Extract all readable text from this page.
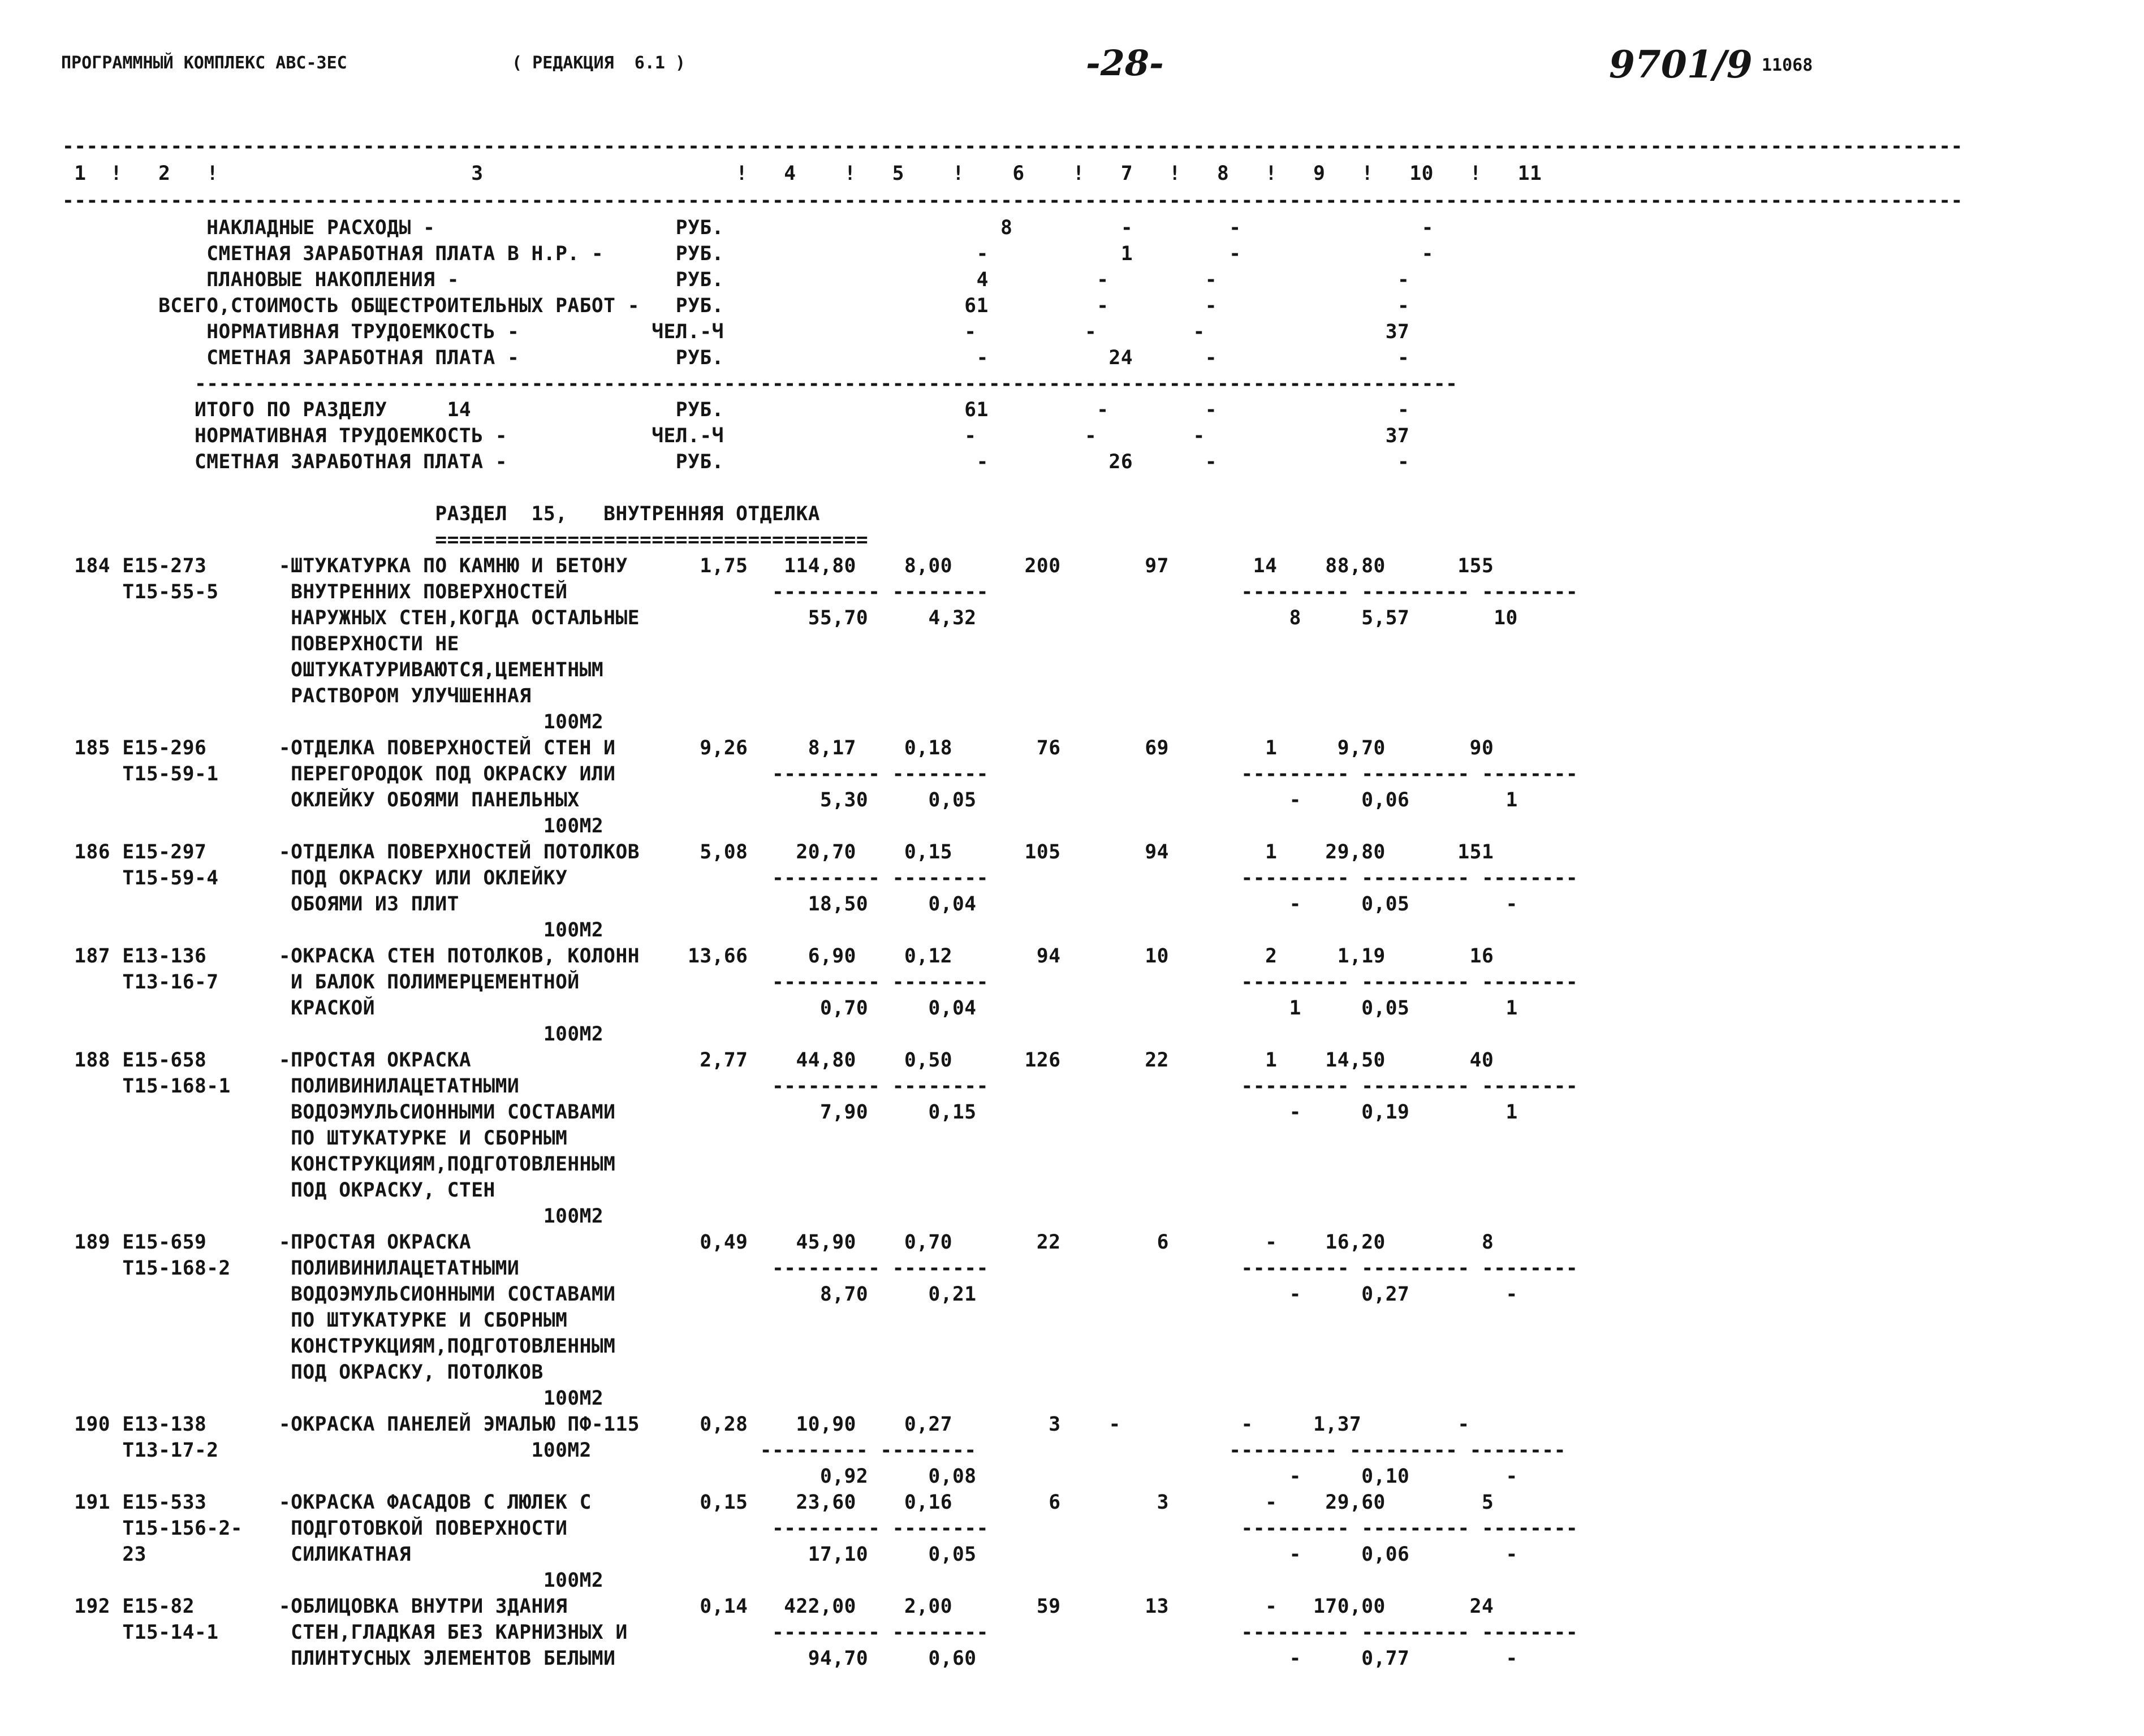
ПРОГРАММНЫЙ КОМПЛЕКС АВС-ЗЕС	( РЕДАКЦИЯ  6.1 )	-28-	9701/9 11068
--------------------------------------------------------------------------------------------------------------------------------------------------------------
1  !   2   !                     3                     !   4    !   5    !    6    !   7   !   8   !   9   !   10   !   11
--------------------------------------------------------------------------------------------------------------------------------------------------------------
НАКЛАДНЫЕ РАСХОДЫ -                    РУБ.                       8         -        -               -
СМЕТНАЯ ЗАРАБОТНАЯ ПЛАТА В Н.Р. -      РУБ.                     -           1        -               -
ПЛАНОВЫЕ НАКОПЛЕНИЯ -                  РУБ.                     4         -        -               -
ВСЕГО,СТОИМОСТЬ ОБЩЕСТРОИТЕЛЬНЫХ РАБОТ -   РУБ.                    61         -        -               -
НОРМАТИВНАЯ ТРУДОЕМКОСТЬ -           ЧЕЛ.-Ч                    -         -        -               37
СМЕТНАЯ ЗАРАБОТНАЯ ПЛАТА -             РУБ.                     -          24      -               -
---------------------------------------------------------------------------------------------------------
ИТОГО ПО РАЗДЕЛУ     14                 РУБ.                    61         -        -               -
НОРМАТИВНАЯ ТРУДОЕМКОСТЬ -            ЧЕЛ.-Ч                    -         -        -               37
СМЕТНАЯ ЗАРАБОТНАЯ ПЛАТА -              РУБ.                     -          26      -               -
РАЗДЕЛ  15,   ВНУТРЕННЯЯ ОТДЕЛКА
====================================
184 Е15-273      -ШТУКАТУРКА ПО КАМНЮ И БЕТОНУ      1,75   114,80    8,00      200       97       14    88,80      155
Т15-55-5      ВНУТРЕННИХ ПОВЕРХНОСТЕЙ                 --------- --------                     --------- --------- --------
НАРУЖНЫХ СТЕН,КОГДА ОСТАЛЬНЫЕ              55,70     4,32                          8     5,57       10
ПОВЕРХНОСТИ НЕ
ОШТУКАТУРИВАЮТСЯ,ЦЕМЕНТНЫМ
РАСТВОРОМ УЛУЧШЕННАЯ
100М2
185 Е15-296      -ОТДЕЛКА ПОВЕРХНОСТЕЙ СТЕН И       9,26     8,17    0,18       76       69        1     9,70       90
Т15-59-1      ПЕРЕГОРОДОК ПОД ОКРАСКУ ИЛИ             --------- --------                     --------- --------- --------
ОКЛЕЙКУ ОБОЯМИ ПАНЕЛЬНЫХ                    5,30     0,05                          -     0,06        1
100М2
186 Е15-297      -ОТДЕЛКА ПОВЕРХНОСТЕЙ ПОТОЛКОВ     5,08    20,70    0,15      105       94        1    29,80      151
Т15-59-4      ПОД ОКРАСКУ ИЛИ ОКЛЕЙКУ                 --------- --------                     --------- --------- --------
ОБОЯМИ ИЗ ПЛИТ                             18,50     0,04                          -     0,05        -
100М2
187 Е13-136      -ОКРАСКА СТЕН ПОТОЛКОВ, КОЛОНН    13,66     6,90    0,12       94       10        2     1,19       16
Т13-16-7      И БАЛОК ПОЛИМЕРЦЕМЕНТНОЙ                --------- --------                     --------- --------- --------
КРАСКОЙ                                     0,70     0,04                          1     0,05        1
100М2
188 Е15-658      -ПРОСТАЯ ОКРАСКА                   2,77    44,80    0,50      126       22        1    14,50       40
Т15-168-1     ПОЛИВИНИЛАЦЕТАТНЫМИ                     --------- --------                     --------- --------- --------
ВОДОЭМУЛЬСИОННЫМИ СОСТАВАМИ                 7,90     0,15                          -     0,19        1
ПО ШТУКАТУРКЕ И СБОРНЫМ
КОНСТРУКЦИЯМ,ПОДГОТОВЛЕННЫМ
ПОД ОКРАСКУ, СТЕН
100М2
189 Е15-659      -ПРОСТАЯ ОКРАСКА                   0,49    45,90    0,70       22        6        -    16,20        8
Т15-168-2     ПОЛИВИНИЛАЦЕТАТНЫМИ                     --------- --------                     --------- --------- --------
ВОДОЭМУЛЬСИОННЫМИ СОСТАВАМИ                 8,70     0,21                          -     0,27        -
ПО ШТУКАТУРКЕ И СБОРНЫМ
КОНСТРУКЦИЯМ,ПОДГОТОВЛЕННЫМ
ПОД ОКРАСКУ, ПОТОЛКОВ
100М2
190 Е13-138      -ОКРАСКА ПАНЕЛЕЙ ЭМАЛЬЮ ПФ-115     0,28    10,90    0,27        3    -          -     1,37        -
Т13-17-2                          100М2              --------- --------                     --------- --------- --------
0,92     0,08                          -     0,10        -
191 Е15-533      -ОКРАСКА ФАСАДОВ С ЛЮЛЕК С         0,15    23,60    0,16        6        3        -    29,60        5
Т15-156-2-    ПОДГОТОВКОЙ ПОВЕРХНОСТИ                 --------- --------                     --------- --------- --------
23            СИЛИКАТНАЯ                                 17,10     0,05                          -     0,06        -
100М2
192 Е15-82       -ОБЛИЦОВКА ВНУТРИ ЗДАНИЯ           0,14   422,00    2,00       59       13        -   170,00       24
Т15-14-1      СТЕН,ГЛАДКАЯ БЕЗ КАРНИЗНЫХ И            --------- --------                     --------- --------- --------
ПЛИНТУСНЫХ ЭЛЕМЕНТОВ БЕЛЫМИ                94,70     0,60                          -     0,77        -
